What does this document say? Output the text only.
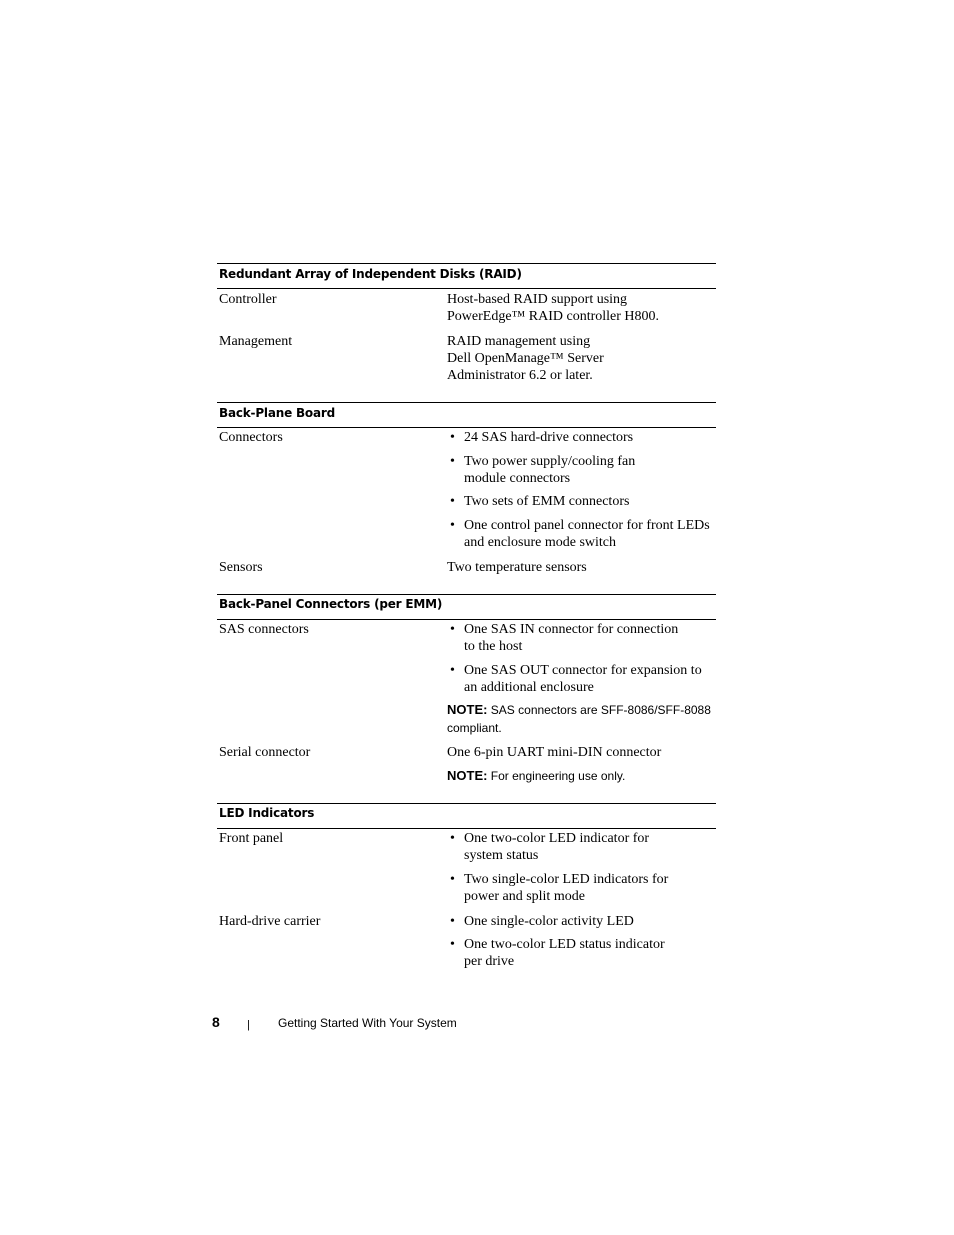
Redundant Array of Independent Disks (RAID)
Controller	Host-based RAID support using
PowerEdge™ RAID controller H800.
Management	RAID management using
Dell OpenManage™ Server
Administrator 6.2 or later.
Back-Plane Board
Connectors	• 24 SAS hard-drive connectors
• Two power supply/cooling fan
module connectors
• Two sets of EMM connectors
• One control panel connector for front LEDs
and enclosure mode switch
Sensors	Two temperature sensors
Back-Panel Connectors (per EMM)
SAS connectors	• One SAS IN connector for connection
to the host
• One SAS OUT connector for expansion to
an additional enclosure
NOTE: SAS connectors are SFF-8086/SFF-8088 compliant.
Serial connector	One 6-pin UART mini-DIN connector
NOTE: For engineering use only.
LED Indicators
Front panel	• One two-color LED indicator for
system status
• Two single-color LED indicators for
power and split mode
Hard-drive carrier	• One single-color activity LED
• One two-color LED status indicator
per drive
8 | Getting Started With Your System
